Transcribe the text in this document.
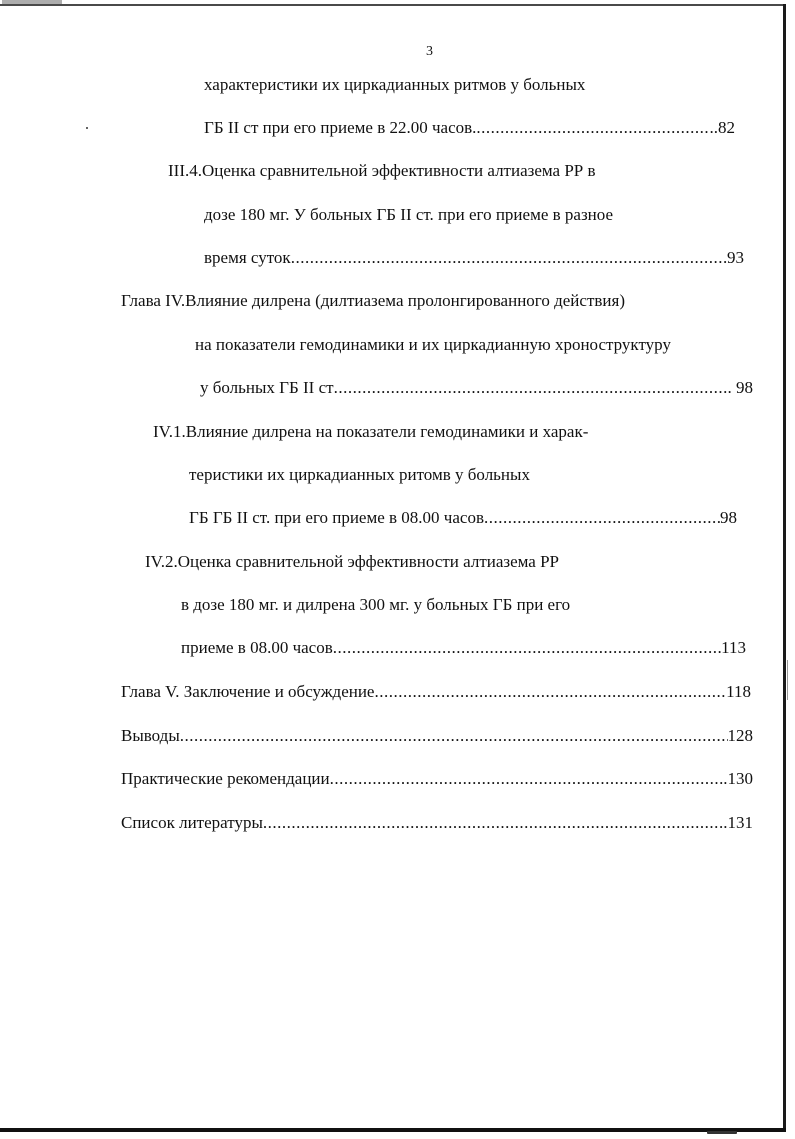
3
характеристики их циркадианных ритмов у больных
ГБ II ст при его приеме в 22.00 часов. .....	..82
III.4.Оценка сравнительной эффективности алтиазема РР в
дозе 180 мг. У больных ГБ II ст. при его приеме в разное
время суток .....	93
Глава IV.Влияние дилрена (дилтиазема пролонгированного действия)
на показатели гемодинамики и их циркадианную хроноструктуру
у больных ГБ II ст .....	. 98
IV.1.Влияние дилрена на показатели гемодинамики и харак-
теристики их циркадианных ритомв у больных
ГБ ГБ II ст. при его приеме в 08.00 часов .....	98
IV.2.Оценка сравнительной эффективности алтиазема РР
в дозе 180 мг. и дилрена 300 мг. у больных ГБ при его
приеме в 08.00 часов .....	113
Глава V. Заключение и обсуждение .....	118
Выводы .....	128
Практические рекомендации .....	.130
Список литературы .....	..131
